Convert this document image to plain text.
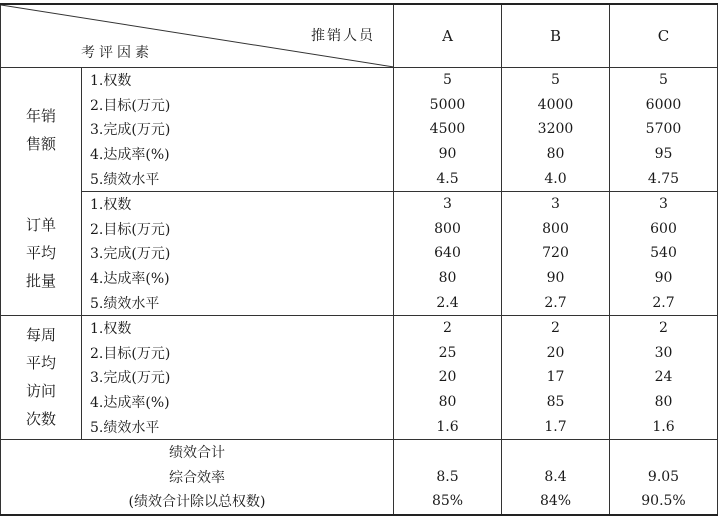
推销人员
考评因素		A	B	C

年销
售额	1.权数	5	5	5
	2.目标(万元)	5000	4000	6000
	3.完成(万元)	4500	3200	5700
	4.达成率(%)	90	80	95
	5.绩效水平	4.5	4.0	4.75

订单
平均
批量	1.权数	3	3	3
	2.目标(万元)	800	800	600
	3.完成(万元)	640	720	540
	4.达成率(%)	80	90	90
	5.绩效水平	2.4	2.7	2.7

每周
平均
访问
次数	1.权数	2	2	2
	2.目标(万元)	25	20	30
	3.完成(万元)	20	17	24
	4.达成率(%)	80	85	80
	5.绩效水平	1.6	1.7	1.6
绩效合计				
综合效率		8.5	8.4	9.05
(绩效合计除以总权数)		85%	84%	90.5%
